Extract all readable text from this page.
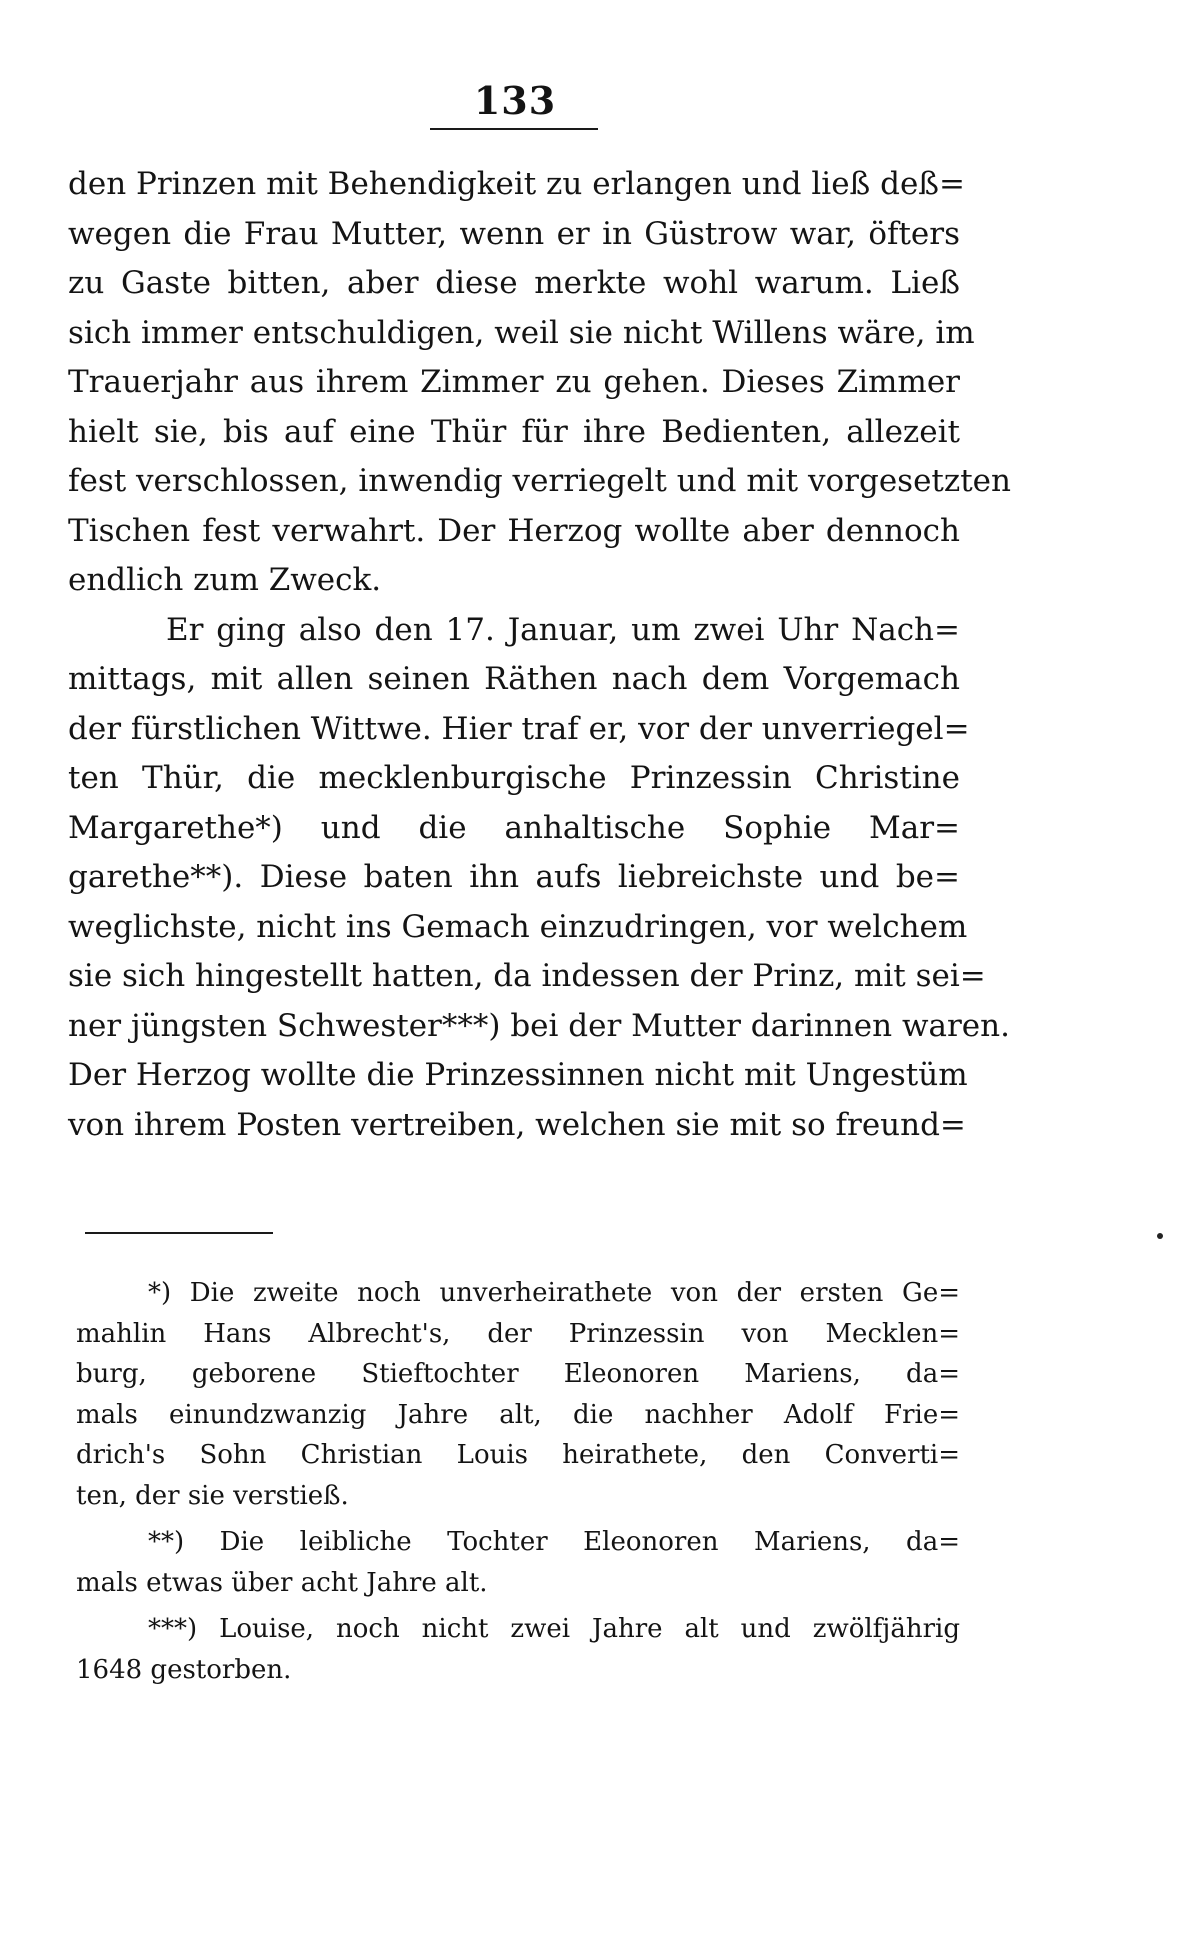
133
den Prinzen mit Behendigkeit zu erlangen und ließ deß=
wegen die Frau Mutter, wenn er in Güstrow war, öfters
zu Gaste bitten, aber diese merkte wohl warum. Ließ
sich immer entschuldigen, weil sie nicht Willens wäre, im
Trauerjahr aus ihrem Zimmer zu gehen. Dieses Zimmer
hielt sie, bis auf eine Thür für ihre Bedienten, allezeit
fest verschlossen, inwendig verriegelt und mit vorgesetzten
Tischen fest verwahrt. Der Herzog wollte aber dennoch
endlich zum Zweck.
Er ging also den 17. Januar, um zwei Uhr Nach=
mittags, mit allen seinen Räthen nach dem Vorgemach
der fürstlichen Wittwe. Hier traf er, vor der unverriegel=
ten Thür, die mecklenburgische Prinzessin Christine
Margarethe*) und die anhaltische Sophie Mar=
garethe**). Diese baten ihn aufs liebreichste und be=
weglichste, nicht ins Gemach einzudringen, vor welchem
sie sich hingestellt hatten, da indessen der Prinz, mit sei=
ner jüngsten Schwester***) bei der Mutter darinnen waren.
Der Herzog wollte die Prinzessinnen nicht mit Ungestüm
von ihrem Posten vertreiben, welchen sie mit so freund=
*) Die zweite noch unverheirathete von der ersten Ge=
mahlin Hans Albrecht's, der Prinzessin von Mecklen=
burg, geborene Stieftochter Eleonoren Mariens, da=
mals einundzwanzig Jahre alt, die nachher Adolf Frie=
drich's Sohn Christian Louis heirathete, den Converti=
ten, der sie verstieß.
**) Die leibliche Tochter Eleonoren Mariens, da=
mals etwas über acht Jahre alt.
***) Louise, noch nicht zwei Jahre alt und zwölfjährig
1648 gestorben.
